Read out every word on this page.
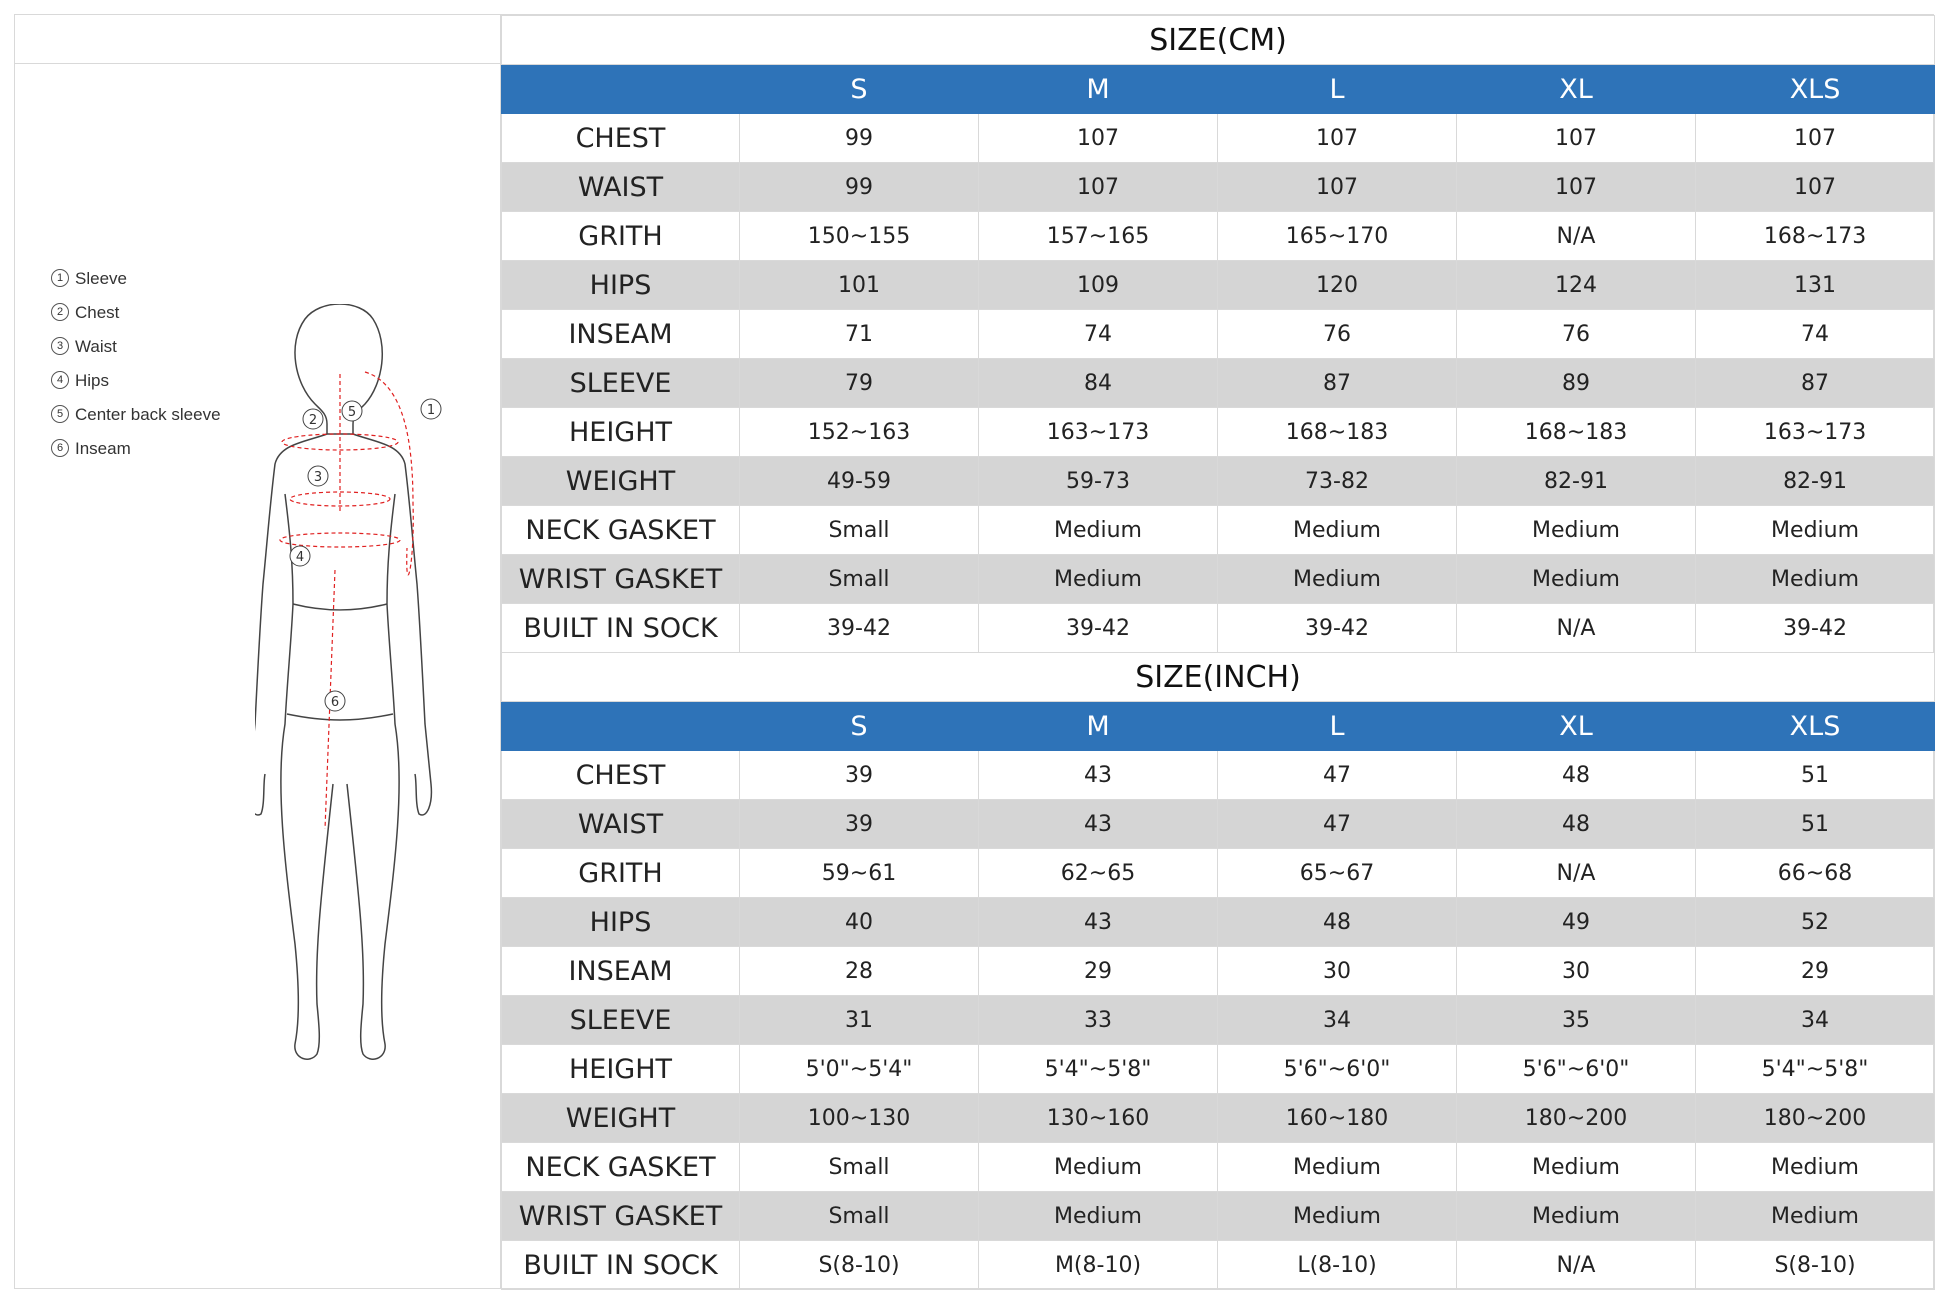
1 Sleeve
2 Chest
3 Waist
4 Hips
5 Center back sleeve
6 Inseam
1
2
3
4
5
6
SIZE(CM)					
	S	M	L	XL	XLS
CHEST	99	107	107	107	107
WAIST	99	107	107	107	107
GRITH	150~155	157~165	165~170	N/A	168~173
HIPS	101	109	120	124	131
INSEAM	71	74	76	76	74
SLEEVE	79	84	87	89	87
HEIGHT	152~163	163~173	168~183	168~183	163~173
WEIGHT	49-59	59-73	73-82	82-91	82-91
NECK GASKET	Small	Medium	Medium	Medium	Medium
WRIST GASKET	Small	Medium	Medium	Medium	Medium
BUILT IN SOCK	39-42	39-42	39-42	N/A	39-42
SIZE(INCH)					
	S	M	L	XL	XLS
CHEST	39	43	47	48	51
WAIST	39	43	47	48	51
GRITH	59~61	62~65	65~67	N/A	66~68
HIPS	40	43	48	49	52
INSEAM	28	29	30	30	29
SLEEVE	31	33	34	35	34
HEIGHT	5'0"~5'4"	5'4"~5'8"	5'6"~6'0"	5'6"~6'0"	5'4"~5'8"
WEIGHT	100~130	130~160	160~180	180~200	180~200
NECK GASKET	Small	Medium	Medium	Medium	Medium
WRIST GASKET	Small	Medium	Medium	Medium	Medium
BUILT IN SOCK	S(8-10)	M(8-10)	L(8-10)	N/A	S(8-10)
